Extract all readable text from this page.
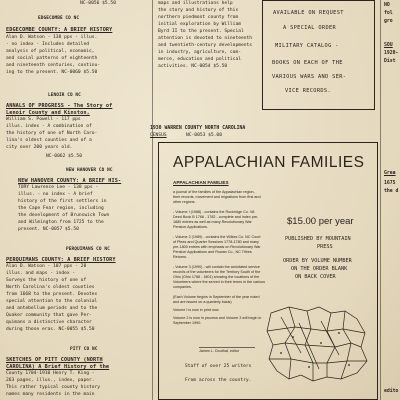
NC-0056 $5.50
EDGECOMBE CO NC
EDGECOMBE COUNTY: A BRIEF HISTORY
Alan D. Watson - 138 pps - illus.
- no index - Includes detailed
analysis of political, economic,
and social patterns of eighteenth
and nineteenth centuries, continu-
ing to the present. NC-0060 $5.50
LENOIR CO NC
ANNALS OF PROGRESS - The Story of
Lenoir County and Kinston,
William S. Powell - 117 pps
illus. index - A combination of
the history of one of North Caro-
lina's oldest counties and of a
city over 200 years old.
NC-0062 $5.50
NEW HANOVER CO NC
NEW HANOVER COUNTY: A BRIEF HIS-
TORY Lawrence Lee - 138 pps -
illus. - no index - A brief
history of the first settlers in
the Cape Fear region, including
the development of Brunswick Town
and Wilmington from 1725 to the
present. NC-0057 $5.50
PERQUIMANS CO NC
PERQUIMANS COUNTY: A BRIEF HISTORY
Alan D. Watson - 107 pps - 28
illus. and maps - index -
Surveys the history of one of
North Carolina's oldest counties
from 1668 to the present. Devotes
special attention to the colonial
and antebellum periods and to the
Quaker community that gave Per-
quimans a distinctive character
during those eras. NC-0055 $5.50
PITT CO NC
SKETCHES OF PITT COUNTY (NORTH
CAROLINA) A Brief History of the
County 1704-1910 Henry T. King -
263 pages, illus., index, paper.
This rather typical county history
names many residents in the main
maps and illustrations help
the story and history of this
northern piedmont county from
initial exploration by William
Byrd II to the present. Special
attention is devoted to nineteenth
and twentieth-century developments
in industry, agriculture, com-
merce, education and political
activities. NC-0054 $5.50
AVAILABLE ON REQUEST
A SPECIAL ORDER
MILITARY CATALOG -
BOOKS ON EACH OF THE
VARIOUS WARS AND SER-
VICE RECORDS.
1930 WARREN COUNTY NORTH CAROLINA
CENSUS	NC-0053 $5.00
APPALACHIAN FAMILIES
APPALACHIAN FAMILIES
a journal of the families of the Appalachian region,
their records, movement and migrations from first and
other regions.
- Volume I (1988) - contains the Rockridge Co. VA
Deed Book B 1766 - 1782 - complete and index pre-
1880 entries as well as many Revolutionary War
Pension Applications.
- Volume 2 (1989) - contains the Wilkes Co. NC Court
of Pleas and Quarter Sessions 1778-1780 and many
pre-1800 entries with emphasis on Revolutionary War
Pension Applications and Rowan Co., NC Tithes
Returns.
- Volume 3 (1990) - will contain the annotated service
records of the volunteers for the Territory South of the
Ohio (Ohio 1788 - 1801) showing the locations of the
Volunteers where the served in their terms in the various
companies.
(Each Volume begins in September of the year noted
and are issued on a quarterly basis)
Volume I is now in print now
Volume 2 is now in process and Volume 3 will begin in
September 1990.
$15.00 per year
PUBLISHED BY MOUNTAIN
PRESS
ORDER BY VOLUME NUMBER
ON THE ORDER BLANK
ON BACK COVER
James L. Douthat, editor
Staff of over 25 writers
From across the country.
NO
fol
gro
SOU
1920-
Dist
Grea
1675
the d
edito
